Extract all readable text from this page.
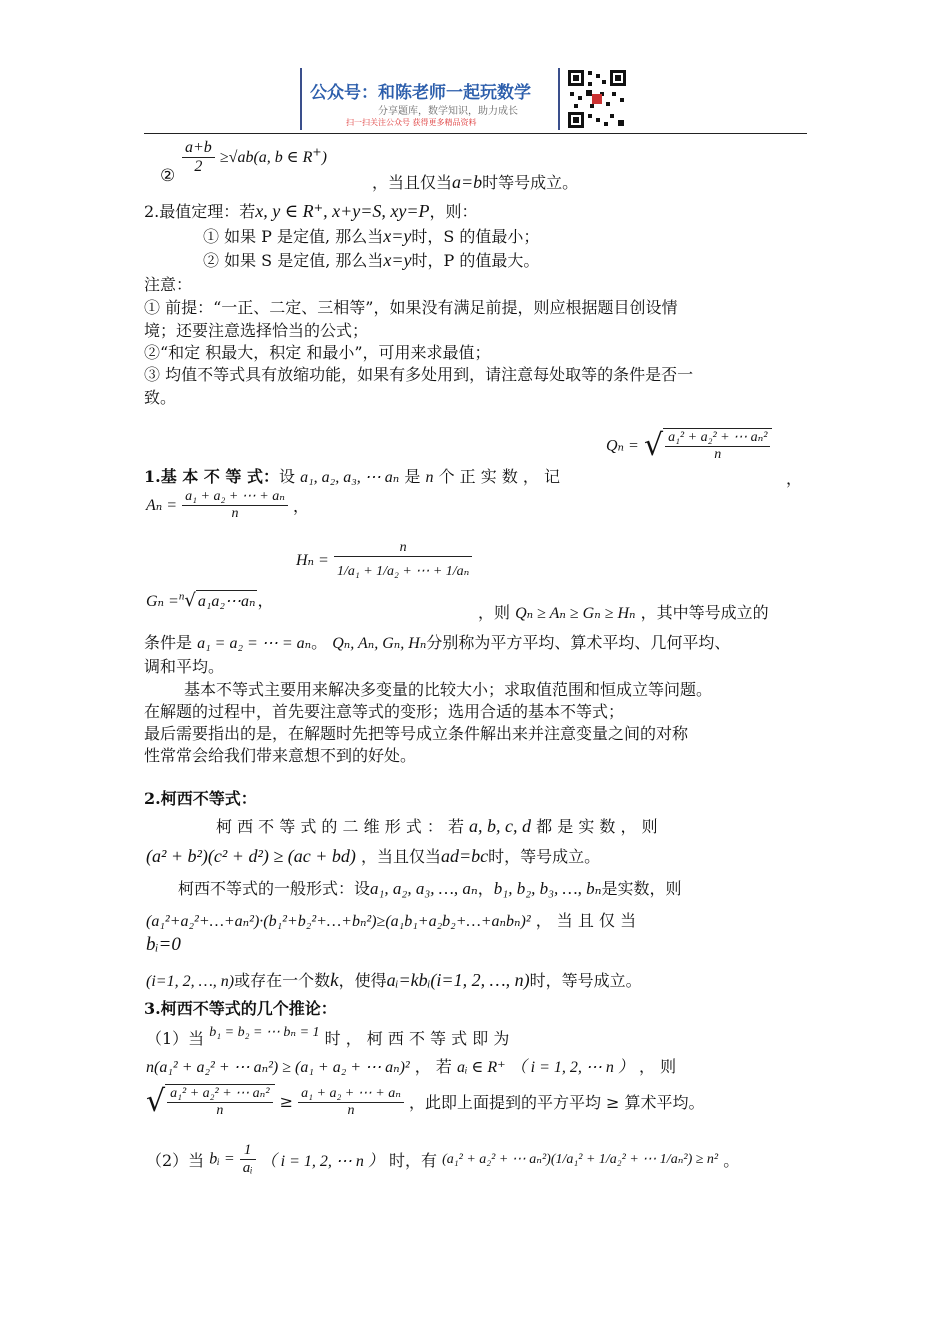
公众号：和陈老师一起玩数学
分享题库，数学知识，助力成长
扫一扫关注公众号 获得更多精品资料
② $\frac{a+b}{2} \ge√ab(a$, b ∈ R+)
，当且仅当a=b时等号成立。
2.最值定理：若x, y ∈ R⁺, x+y=S, xy=P，则：
① 如果 P 是定值, 那么当x=y时，S 的值最小；
② 如果 S 是定值, 那么当x=y时，P 的值最大。
注意：
① 前提：“一正、二定、三相等”，如果没有满足前提，则应根据题目创设情
境；还要注意选择恰当的公式；
②“和定 积最大，积定 和最小”，可用来求最值；
③ 均值不等式具有放缩功能，如果有多处用到，请注意每处取等的条件是否一
致。
1.基 本 不 等 式：设 a₁, a₂, a₃, ⋯ aₙ 是 n 个 正 实 数 ， 记
Qₙ = √ $\frac{\text{a₁² + a₂² + ⋯ aₙ²}}{n}$
，
$A_n = \frac{\text{a₁ + a₂ + ⋯ + aₙ}}{n}$ ，
Gₙ =$^n$√ a₁a₂⋯aₙ ，
$H_n = \frac{n}{\text{1/a₁ + 1/a₂ + ⋯ + 1/aₙ}}$
，则 Qₙ ≥ Aₙ ≥ Gₙ ≥ Hₙ ，其中等号成立的
条件是 a₁ = a₂ = ⋯ = aₙ。 Qₙ, Aₙ, Gₙ, Hₙ分别称为平方平均、算术平均、几何平均、
调和平均。
基本不等式主要用来解决多变量的比较大小；求取值范围和恒成立等问题。
在解题的过程中，首先要注意等式的变形；选用合适的基本不等式；
最后需要指出的是，在解题时先把等号成立条件解出来并注意变量之间的对称
性常常会给我们带来意想不到的好处。
2.柯西不等式：
柯 西 不 等 式 的 二 维 形 式 ： 若 a, b, c, d 都 是 实 数 ， 则
(a² + b²)(c² + d²) ≥ (ac + bd) ，当且仅当ad=bc时，等号成立。
柯西不等式的一般形式：设a₁, a₂, a₃, …, aₙ，b₁, b₂, b₃, …, bₙ是实数，则
(a₁²+a₂²+…+aₙ²)·(b₁²+b₂²+…+bₙ²)≥(a₁b₁+a₂b₂+…+aₙbₙ)² ， 当 且 仅 当
bᵢ=0
(i=1, 2, …, n)或存在一个数k，使得aᵢ=kbᵢ(i=1, 2, …, n)时，等号成立。
3.柯西不等式的几个推论：
（1）当 b₁ = b₂ = ⋯ bₙ = 1 时 ， 柯 西 不 等 式 即 为
n(a₁² + a₂² + ⋯ aₙ²) ≥ (a₁ + a₂ + ⋯ aₙ)² ， 若 aᵢ ∈ R⁺ （ i = 1, 2, ⋯ n ） ， 则
√ $\frac{\text{a₁² + a₂² + ⋯ aₙ²}}{n} \ge \frac{\text{a₁ + a₂ + ⋯ + aₙ}}{n}$ ，此即上面提到的平方平均 ≥ 算术平均。
（2）当 bᵢ = $\frac{1}{\text{aᵢ}}$ （ i = 1, 2, ⋯ n ） 时，有 (a₁² + a₂² + ⋯ aₙ²)(1/a₁² + 1/a₂² + ⋯ 1/aₙ²) ≥ n² 。
